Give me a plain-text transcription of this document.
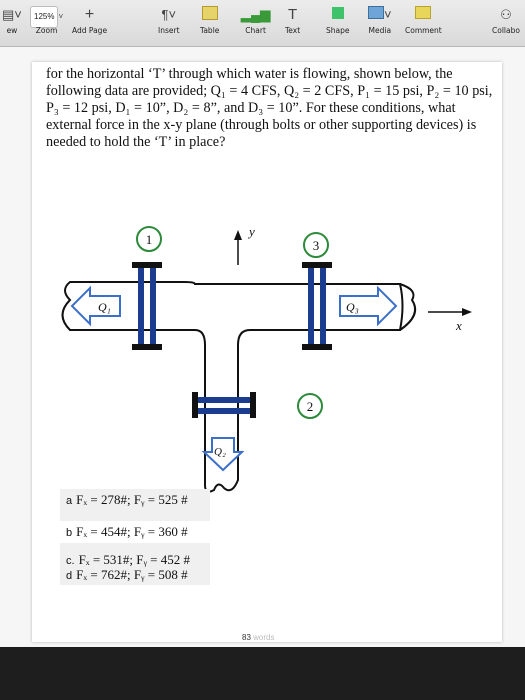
▤˅
ew
125% ˅
Zoom
+
Add Page
¶˅
Insert	Table
▂▄▆
Chart
T
Text	Shape
˅
Media Comment
⚇
Collabo
for the horizontal ‘T’ through which water is flowing, shown below, the following data are provided; Q₁ = 4 CFS, Q₂ = 2 CFS, P₁ = 15 psi, P₂ = 10 psi, P₃ = 12 psi, D₁ = 10”, D₂ = 8”, and D₃ = 10”. For these conditions, what external force in the x-y plane (through bolts or other supporting devices) is needed to hold the ‘T’ in place?
1	3
2
Q₁	Q₃
Q₂
y
x
a Fₓ = 278#; Fᵧ = 525 #
b Fₓ = 454#; Fᵧ = 360 #
c. Fₓ = 531#; Fᵧ = 452 #
d Fₓ = 762#; Fᵧ = 508 #
83 words
